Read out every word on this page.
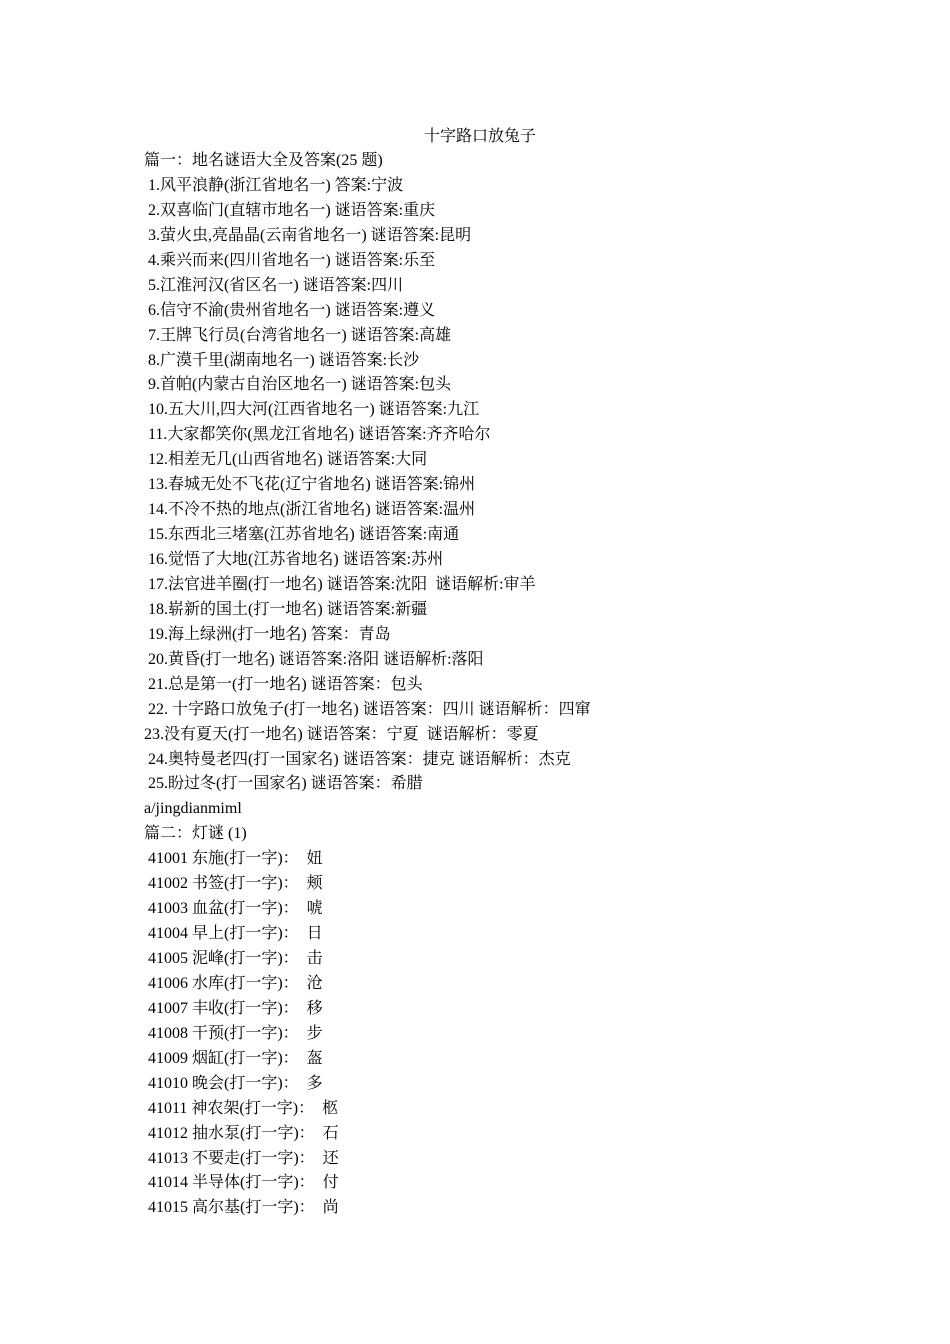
十字路口放兔子
篇一：地名谜语大全及答案(25 题)
1.风平浪静(浙江省地名一) 答案:宁波
2.双喜临门(直辖市地名一) 谜语答案:重庆
3.萤火虫,亮晶晶(云南省地名一) 谜语答案:昆明
4.乘兴而来(四川省地名一) 谜语答案:乐至
5.江淮河汉(省区名一) 谜语答案:四川
6.信守不渝(贵州省地名一) 谜语答案:遵义
7.王牌飞行员(台湾省地名一) 谜语答案:高雄
8.广漠千里(湖南地名一) 谜语答案:长沙
9.首帕(内蒙古自治区地名一) 谜语答案:包头
10.五大川,四大河(江西省地名一) 谜语答案:九江
11.大家都笑你(黑龙江省地名) 谜语答案:齐齐哈尔
12.相差无几(山西省地名) 谜语答案:大同
13.春城无处不飞花(辽宁省地名) 谜语答案:锦州
14.不冷不热的地点(浙江省地名) 谜语答案:温州
15.东西北三堵塞(江苏省地名) 谜语答案:南通
16.觉悟了大地(江苏省地名) 谜语答案:苏州
17.法官进羊圈(打一地名) 谜语答案:沈阳  谜语解析:审羊
18.崭新的国土(打一地名) 谜语答案:新疆
19.海上绿洲(打一地名) 答案：青岛
20.黄昏(打一地名) 谜语答案:洛阳 谜语解析:落阳
21.总是第一(打一地名) 谜语答案：包头
22. 十字路口放兔子(打一地名) 谜语答案：四川 谜语解析：四窜
23.没有夏天(打一地名) 谜语答案：宁夏  谜语解析：零夏
24.奥特曼老四(打一国家名) 谜语答案：捷克 谜语解析：杰克
25.盼过冬(打一国家名) 谜语答案：希腊
a/jingdianmiml
篇二：灯谜 (1)
41001 东施(打一字)：  妞
41002 书签(打一字)：  颊
41003 血盆(打一字)：  唬
41004 早上(打一字)：  日
41005 泥峰(打一字)：  击
41006 水库(打一字)：  沧
41007 丰收(打一字)：  移
41008 干预(打一字)：  步
41009 烟缸(打一字)：  盔
41010 晚会(打一字)：  多
41011 神农架(打一字)：  柩
41012 抽水泵(打一字)：  石
41013 不要走(打一字)：  还
41014 半导体(打一字)：  付
41015 高尔基(打一字)：  尚
